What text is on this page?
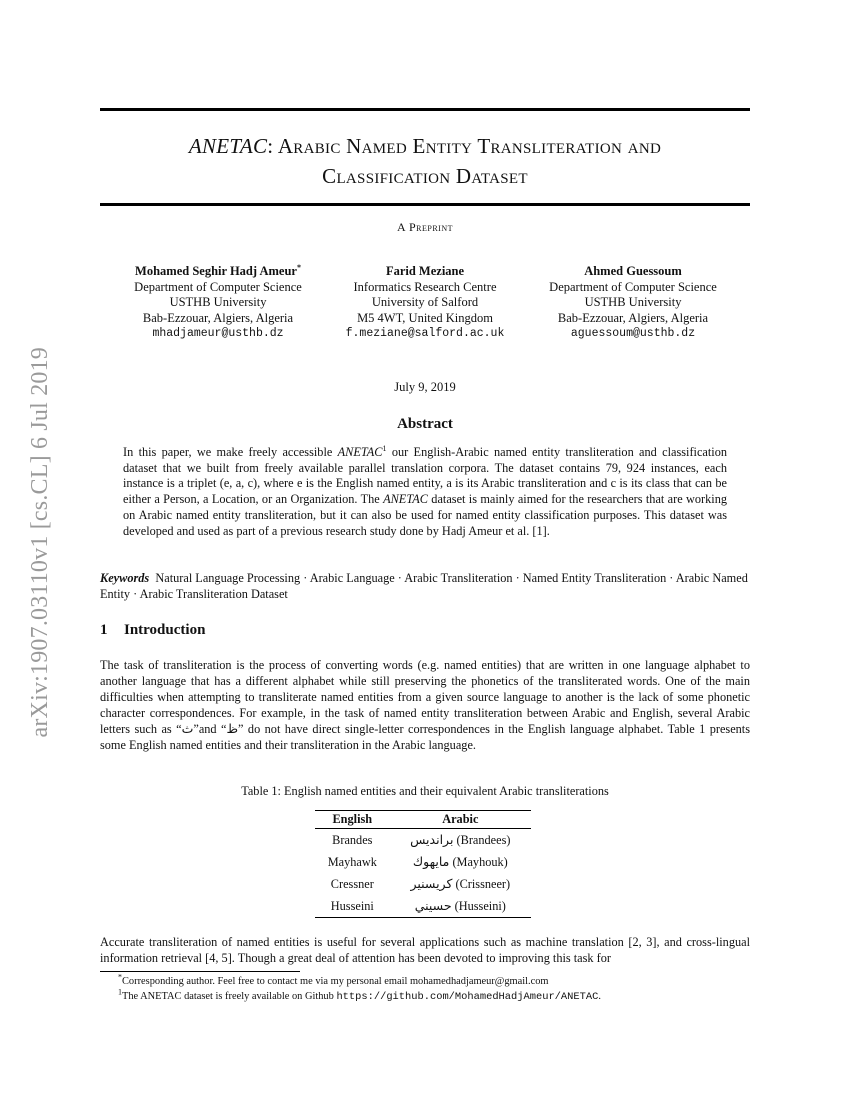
arXiv:1907.03110v1 [cs.CL] 6 Jul 2019
ANETAC: Arabic Named Entity Transliteration and
Classification Dataset
A Preprint
Mohamed Seghir Hadj Ameur*
Department of Computer Science
USTHB University
Bab-Ezzouar, Algiers, Algeria
mhadjameur@usthb.dz
Farid Meziane
Informatics Research Centre
University of Salford
M5 4WT, United Kingdom
f.meziane@salford.ac.uk
Ahmed Guessoum
Department of Computer Science
USTHB University
Bab-Ezzouar, Algiers, Algeria
aguessoum@usthb.dz
July 9, 2019
Abstract
In this paper, we make freely accessible ANETAC$^1$ our English-Arabic named entity transliteration and classification dataset that we built from freely available parallel translation corpora. The dataset contains 79, 924 instances, each instance is a triplet (e, a, c), where e is the English named entity, a is its Arabic transliteration and c is its class that can be either a Person, a Location, or an Organization. The ANETAC dataset is mainly aimed for the researchers that are working on Arabic named entity transliteration, but it can also be used for named entity classification purposes. This dataset was developed and used as part of a previous research study done by Hadj Ameur et al. [1].
Keywords Natural Language Processing · Arabic Language · Arabic Transliteration · Named Entity Transliteration · Arabic Named Entity · Arabic Transliteration Dataset
1 Introduction
The task of transliteration is the process of converting words (e.g. named entities) that are written in one language alphabet to another language that has a different alphabet while still preserving the phonetics of the transliterated words. One of the main difficulties when attempting to transliterate named entities from a given source language to another is the lack of some phonetic character correspondences. For example, in the task of named entity transliteration between Arabic and English, several Arabic letters such as “ث”and “ظ” do not have direct single-letter correspondences in the English language alphabet. Table 1 presents some English named entities and their transliteration in the Arabic language.
Table 1: English named entities and their equivalent Arabic transliterations
English	Arabic
Brandes	براندیس (Brandees)
Mayhawk	مایهوك (Mayhouk)
Cressner	كریسنیر (Crissneer)
Husseini	حسیني (Husseini)
Accurate transliteration of named entities is useful for several applications such as machine translation [2, 3], and cross-lingual information retrieval [4, 5]. Though a great deal of attention has been devoted to improving this task for
*Corresponding author. Feel free to contact me via my personal email mohamedhadjameur@gmail.com
$^1$The ANETAC dataset is freely available on Github https://github.com/MohamedHadjAmeur/ANETAC.
